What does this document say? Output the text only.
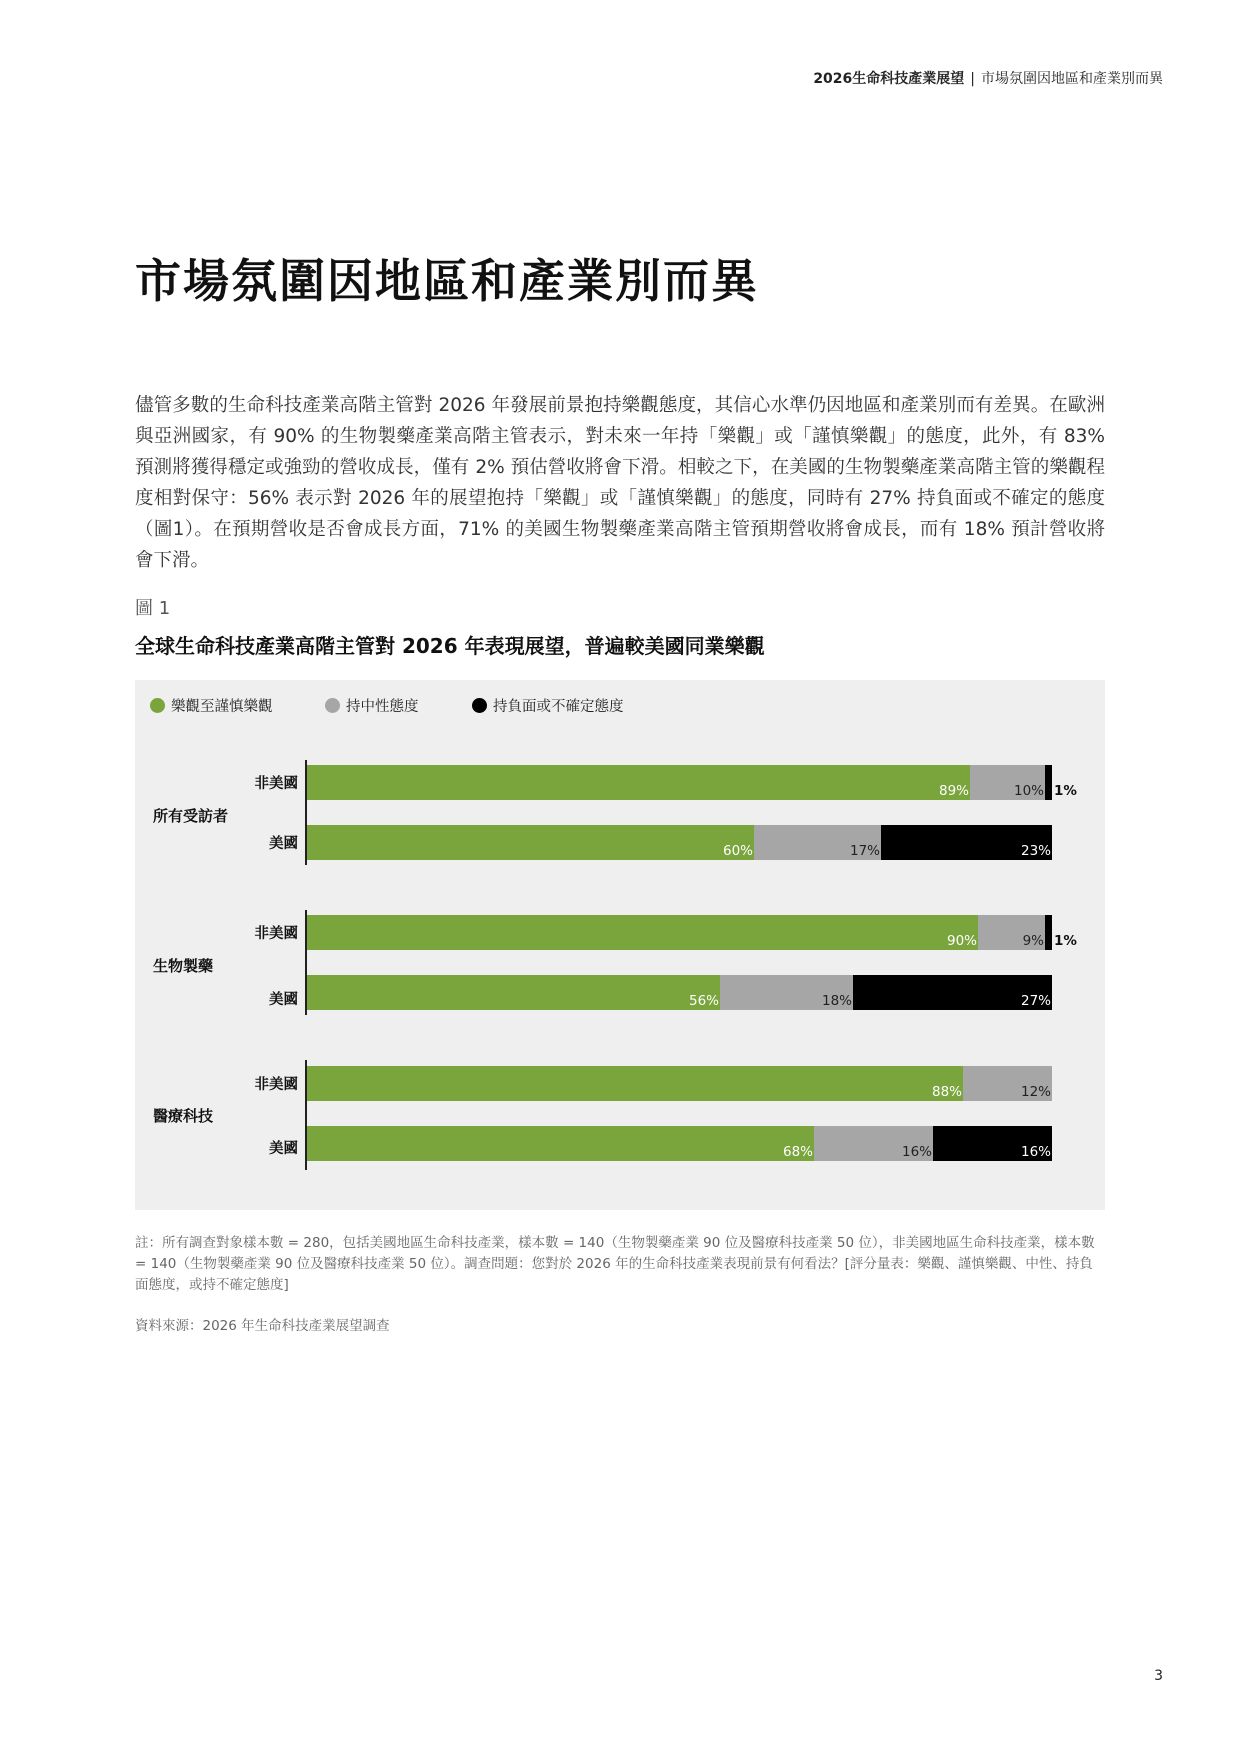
2026生命科技產業展望 | 市場氛圍因地區和產業別而異
市場氛圍因地區和產業別而異

儘管多數的生命科技產業高階主管對 2026 年發展前景抱持樂觀態度，其信心水準仍因地區和產業別而有差異。在歐洲與亞洲國家，有 90% 的生物製藥產業高階主管表示，對未來一年持「樂觀」或「謹慎樂觀」的態度，此外，有 83% 預測將獲得穩定或強勁的營收成長，僅有 2% 預估營收將會下滑。相較之下，在美國的生物製藥產業高階主管的樂觀程度相對保守：56% 表示對 2026 年的展望抱持「樂觀」或「謹慎樂觀」的態度，同時有 27% 持負面或不確定的態度（圖1）。在預期營收是否會成長方面，71% 的美國生物製藥產業高階主管預期營收將會成長，而有 18% 預計營收將會下滑。

圖 1
全球生命科技產業高階主管對 2026 年表現展望，普遍較美國同業樂觀
樂觀至謹慎樂觀	持中性態度	持負面或不確定態度
所有受訪者
生物製藥
醫療科技
非美國
美國
非美國
美國
非美國
美國
89%	10% 1%
60%	17%	23%
90%	9% 1%
56%	18%	27%
88%	12%
68%	16%	16%

註：所有調查對象樣本數 = 280，包括美國地區生命科技產業，樣本數 = 140（生物製藥產業 90 位及醫療科技產業 50 位），非美國地區生命科技產業，樣本數 = 140（生物製藥產業 90 位及醫療科技產業 50 位）。調查問題：您對於 2026 年的生命科技產業表現前景有何看法？[評分量表：樂觀、謹慎樂觀、中性、持負面態度，或持不確定態度]

資料來源：2026 年生命科技產業展望調查
3
